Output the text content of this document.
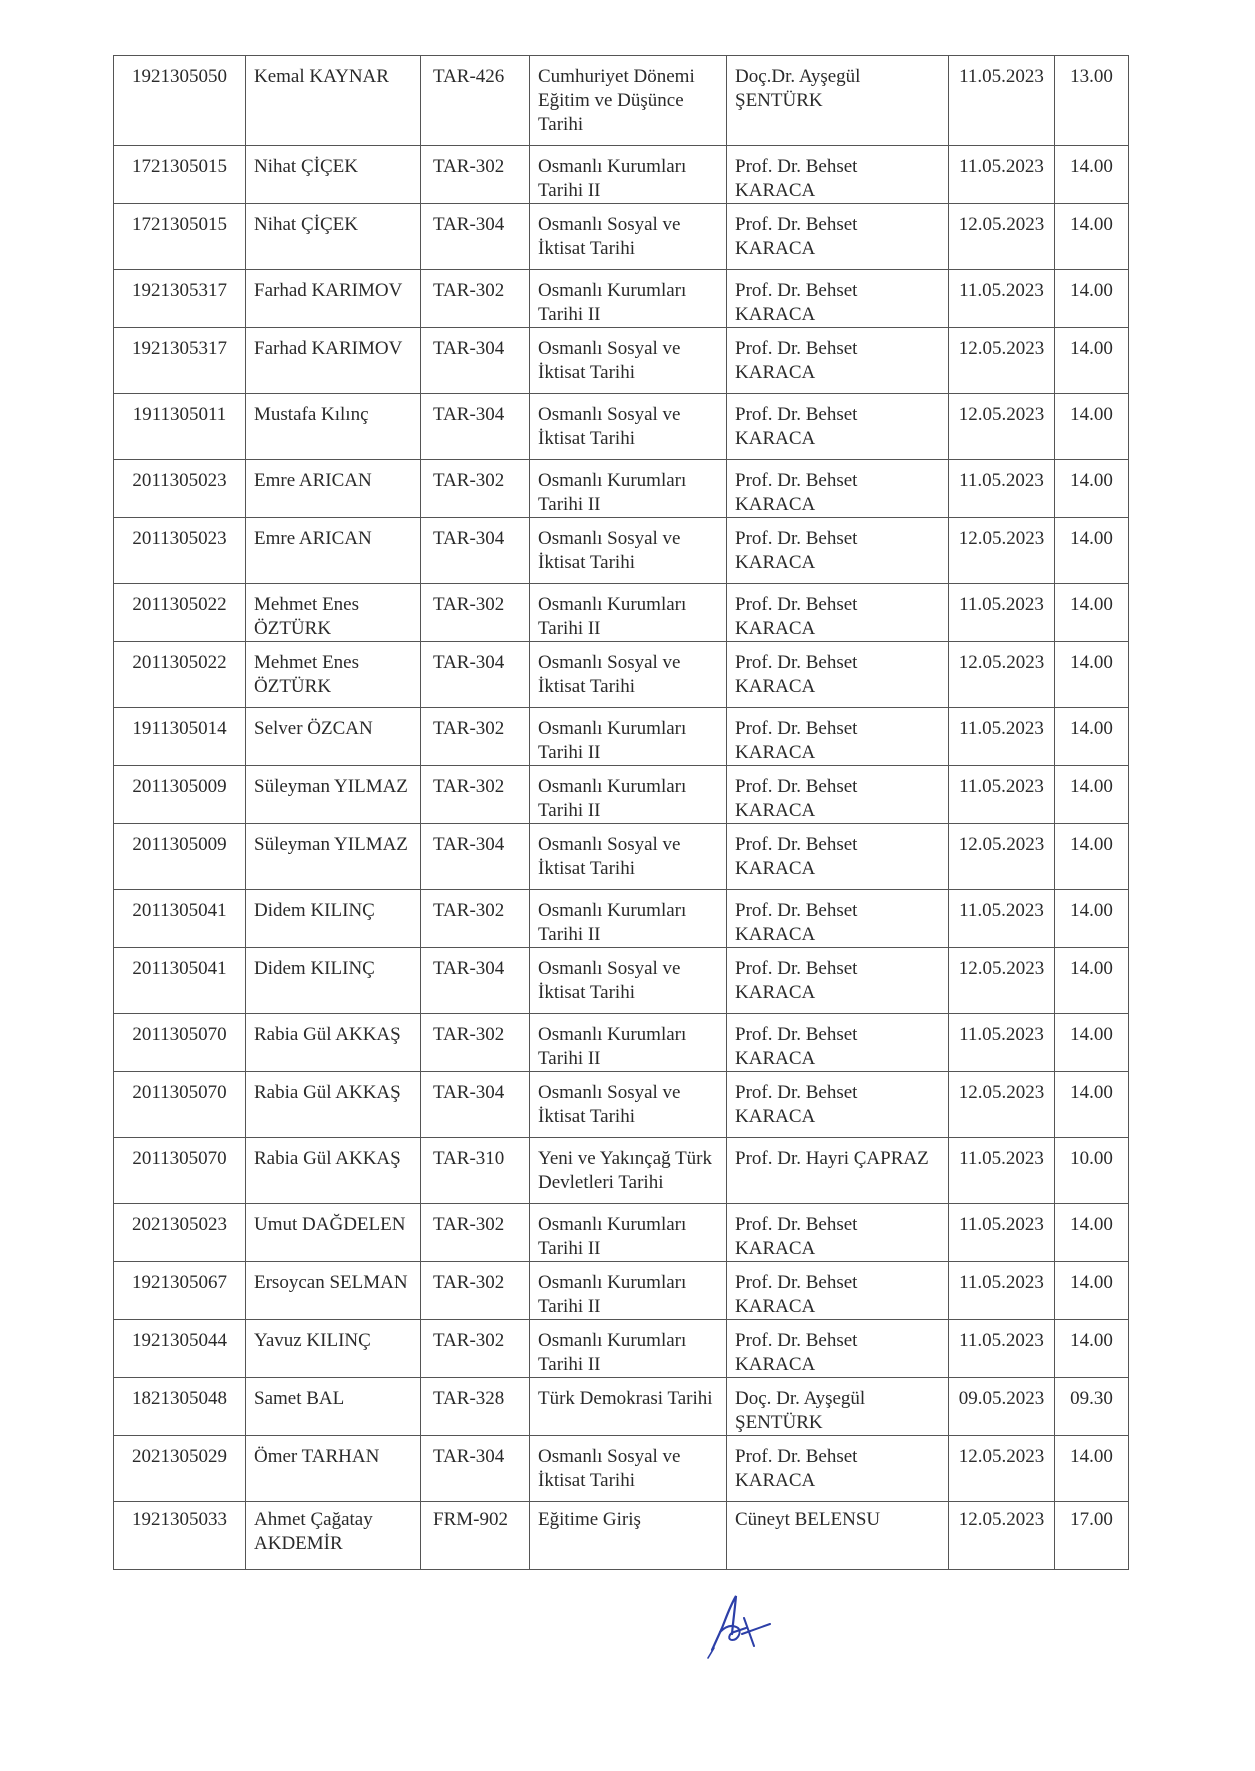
1921305050	Kemal KAYNAR	TAR-426	Cumhuriyet Dönemi Eğitim ve Düşünce Tarihi	Doç.Dr. Ayşegül ŞENTÜRK	11.05.2023	13.00
1721305015	Nihat ÇİÇEK	TAR-302	Osmanlı Kurumları Tarihi II	Prof. Dr. Behset KARACA	11.05.2023	14.00
1721305015	Nihat ÇİÇEK	TAR-304	Osmanlı Sosyal ve İktisat Tarihi	Prof. Dr. Behset KARACA	12.05.2023	14.00
1921305317	Farhad KARIMOV	TAR-302	Osmanlı Kurumları Tarihi II	Prof. Dr. Behset KARACA	11.05.2023	14.00
1921305317	Farhad KARIMOV	TAR-304	Osmanlı Sosyal ve İktisat Tarihi	Prof. Dr. Behset KARACA	12.05.2023	14.00
1911305011	Mustafa Kılınç	TAR-304	Osmanlı Sosyal ve İktisat Tarihi	Prof. Dr. Behset KARACA	12.05.2023	14.00
2011305023	Emre ARICAN	TAR-302	Osmanlı Kurumları Tarihi II	Prof. Dr. Behset KARACA	11.05.2023	14.00
2011305023	Emre ARICAN	TAR-304	Osmanlı Sosyal ve İktisat Tarihi	Prof. Dr. Behset KARACA	12.05.2023	14.00
2011305022	Mehmet Enes ÖZTÜRK	TAR-302	Osmanlı Kurumları Tarihi II	Prof. Dr. Behset KARACA	11.05.2023	14.00
2011305022	Mehmet Enes ÖZTÜRK	TAR-304	Osmanlı Sosyal ve İktisat Tarihi	Prof. Dr. Behset KARACA	12.05.2023	14.00
1911305014	Selver ÖZCAN	TAR-302	Osmanlı Kurumları Tarihi II	Prof. Dr. Behset KARACA	11.05.2023	14.00
2011305009	Süleyman YILMAZ	TAR-302	Osmanlı Kurumları Tarihi II	Prof. Dr. Behset KARACA	11.05.2023	14.00
2011305009	Süleyman YILMAZ	TAR-304	Osmanlı Sosyal ve İktisat Tarihi	Prof. Dr. Behset KARACA	12.05.2023	14.00
2011305041	Didem KILINÇ	TAR-302	Osmanlı Kurumları Tarihi II	Prof. Dr. Behset KARACA	11.05.2023	14.00
2011305041	Didem KILINÇ	TAR-304	Osmanlı Sosyal ve İktisat Tarihi	Prof. Dr. Behset KARACA	12.05.2023	14.00
2011305070	Rabia Gül AKKAŞ	TAR-302	Osmanlı Kurumları Tarihi II	Prof. Dr. Behset KARACA	11.05.2023	14.00
2011305070	Rabia Gül AKKAŞ	TAR-304	Osmanlı Sosyal ve İktisat Tarihi	Prof. Dr. Behset KARACA	12.05.2023	14.00
2011305070	Rabia Gül AKKAŞ	TAR-310	Yeni ve Yakınçağ Türk Devletleri Tarihi	Prof. Dr. Hayri ÇAPRAZ	11.05.2023	10.00
2021305023	Umut DAĞDELEN	TAR-302	Osmanlı Kurumları Tarihi II	Prof. Dr. Behset KARACA	11.05.2023	14.00
1921305067	Ersoycan SELMAN	TAR-302	Osmanlı Kurumları Tarihi II	Prof. Dr. Behset KARACA	11.05.2023	14.00
1921305044	Yavuz KILINÇ	TAR-302	Osmanlı Kurumları Tarihi II	Prof. Dr. Behset KARACA	11.05.2023	14.00
1821305048	Samet BAL	TAR-328	Türk Demokrasi Tarihi	Doç. Dr. Ayşegül ŞENTÜRK	09.05.2023	09.30
2021305029	Ömer TARHAN	TAR-304	Osmanlı Sosyal ve İktisat Tarihi	Prof. Dr. Behset KARACA	12.05.2023	14.00
1921305033	Ahmet Çağatay AKDEMİR	FRM-902	Eğitime Giriş	Cüneyt BELENSU	12.05.2023	17.00
